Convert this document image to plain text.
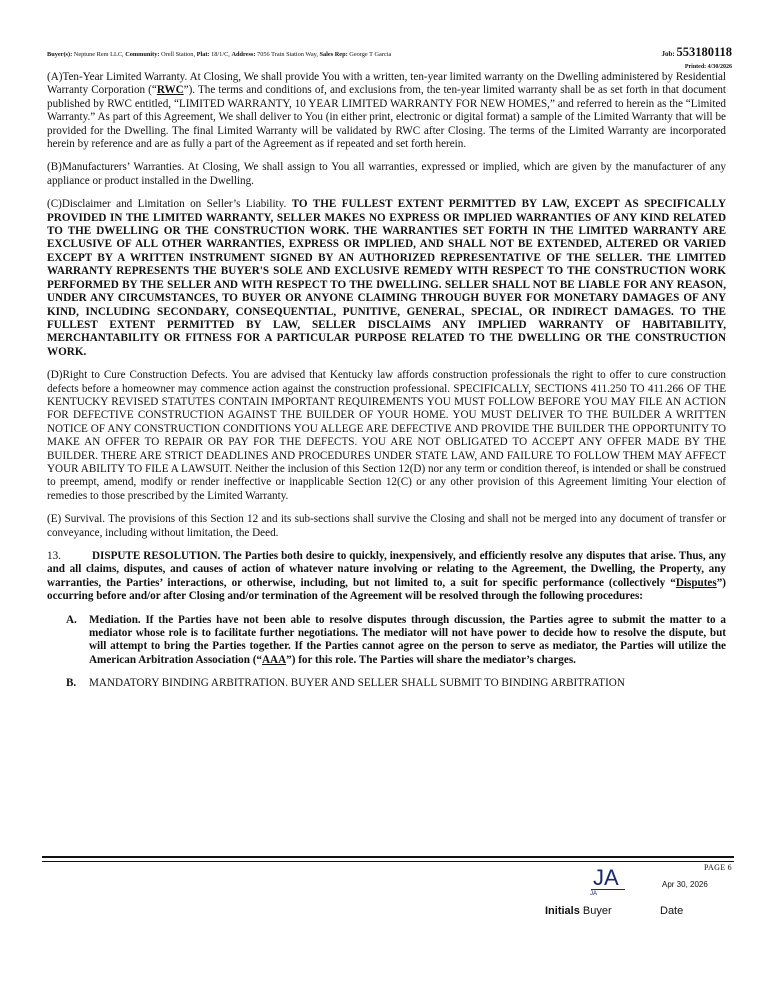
Buyer(s): Neptune Rem LLC, Community: Orell Station, Plat: 18/1/C, Address: 7056 Train Station Way, Sales Rep: George T Garcia	Job: 553180118
Printed: 4/30/2026

(A)Ten-Year Limited Warranty. At Closing, We shall provide You with a written, ten-year limited warranty on the Dwelling administered by Residential Warranty Corporation (“RWC”). The terms and conditions of, and exclusions from, the ten-year limited warranty shall be as set forth in that document published by RWC entitled, “LIMITED WARRANTY, 10 YEAR LIMITED WARRANTY FOR NEW HOMES,” and referred to herein as the “Limited Warranty.” As part of this Agreement, We shall deliver to You (in either print, electronic or digital format) a sample of the Limited Warranty that will be provided for the Dwelling. The final Limited Warranty will be validated by RWC after Closing. The terms of the Limited Warranty are incorporated herein by reference and are as fully a part of the Agreement as if repeated and set forth herein.

(B)Manufacturers’ Warranties. At Closing, We shall assign to You all warranties, expressed or implied, which are given by the manufacturer of any appliance or product installed in the Dwelling.

(C)Disclaimer and Limitation on Seller’s Liability. TO THE FULLEST EXTENT PERMITTED BY LAW, EXCEPT AS SPECIFICALLY PROVIDED IN THE LIMITED WARRANTY, SELLER MAKES NO EXPRESS OR IMPLIED WARRANTIES OF ANY KIND RELATED TO THE DWELLING OR THE CONSTRUCTION WORK. THE WARRANTIES SET FORTH IN THE LIMITED WARRANTY ARE EXCLUSIVE OF ALL OTHER WARRANTIES, EXPRESS OR IMPLIED, AND SHALL NOT BE EXTENDED, ALTERED OR VARIED EXCEPT BY A WRITTEN INSTRUMENT SIGNED BY AN AUTHORIZED REPRESENTATIVE OF THE SELLER. THE LIMITED WARRANTY REPRESENTS THE BUYER'S SOLE AND EXCLUSIVE REMEDY WITH RESPECT TO THE CONSTRUCTION WORK PERFORMED BY THE SELLER AND WITH RESPECT TO THE DWELLING. SELLER SHALL NOT BE LIABLE FOR ANY REASON, UNDER ANY CIRCUMSTANCES, TO BUYER OR ANYONE CLAIMING THROUGH BUYER FOR MONETARY DAMAGES OF ANY KIND, INCLUDING SECONDARY, CONSEQUENTIAL, PUNITIVE, GENERAL, SPECIAL, OR INDIRECT DAMAGES. TO THE FULLEST EXTENT PERMITTED BY LAW, SELLER DISCLAIMS ANY IMPLIED WARRANTY OF HABITABILITY, MERCHANTABILITY OR FITNESS FOR A PARTICULAR PURPOSE RELATED TO THE DWELLING OR THE CONSTRUCTION WORK.

(D)Right to Cure Construction Defects. You are advised that Kentucky law affords construction professionals the right to offer to cure construction defects before a homeowner may commence action against the construction professional. SPECIFICALLY, SECTIONS 411.250 TO 411.266 OF THE KENTUCKY REVISED STATUTES CONTAIN IMPORTANT REQUIREMENTS YOU MUST FOLLOW BEFORE YOU MAY FILE AN ACTION FOR DEFECTIVE CONSTRUCTION AGAINST THE BUILDER OF YOUR HOME. YOU MUST DELIVER TO THE BUILDER A WRITTEN NOTICE OF ANY CONSTRUCTION CONDITIONS YOU ALLEGE ARE DEFECTIVE AND PROVIDE THE BUILDER THE OPPORTUNITY TO MAKE AN OFFER TO REPAIR OR PAY FOR THE DEFECTS. YOU ARE NOT OBLIGATED TO ACCEPT ANY OFFER MADE BY THE BUILDER. THERE ARE STRICT DEADLINES AND PROCEDURES UNDER STATE LAW, AND FAILURE TO FOLLOW THEM MAY AFFECT YOUR ABILITY TO FILE A LAWSUIT. Neither the inclusion of this Section 12(D) nor any term or condition thereof, is intended or shall be construed to preempt, amend, modify or render ineffective or inapplicable Section 12(C) or any other provision of this Agreement limiting Your election of remedies to those prescribed by the Limited Warranty.

(E) Survival. The provisions of this Section 12 and its sub-sections shall survive the Closing and shall not be merged into any document of transfer or conveyance, including without limitation, the Deed.

13.	DISPUTE RESOLUTION. The Parties both desire to quickly, inexpensively, and efficiently resolve any disputes that arise. Thus, any and all claims, disputes, and causes of action of whatever nature involving or relating to the Agreement, the Dwelling, the Property, any warranties, the Parties’ interactions, or otherwise, including, but not limited to, a suit for specific performance (collectively “Disputes”) occurring before and/or after Closing and/or termination of the Agreement will be resolved through the following procedures:

A. Mediation. If the Parties have not been able to resolve disputes through discussion, the Parties agree to submit the matter to a mediator whose role is to facilitate further negotiations. The mediator will not have power to decide how to resolve the dispute, but will attempt to bring the Parties together. If the Parties cannot agree on the person to serve as mediator, the Parties will utilize the American Arbitration Association (“AAA”) for this role. The Parties will share the mediator’s charges.
B. MANDATORY BINDING ARBITRATION. BUYER AND SELLER SHALL SUBMIT TO BINDING ARBITRATION
PAGE 6
JA
JA
Apr 30, 2026
Initials Buyer	Date
